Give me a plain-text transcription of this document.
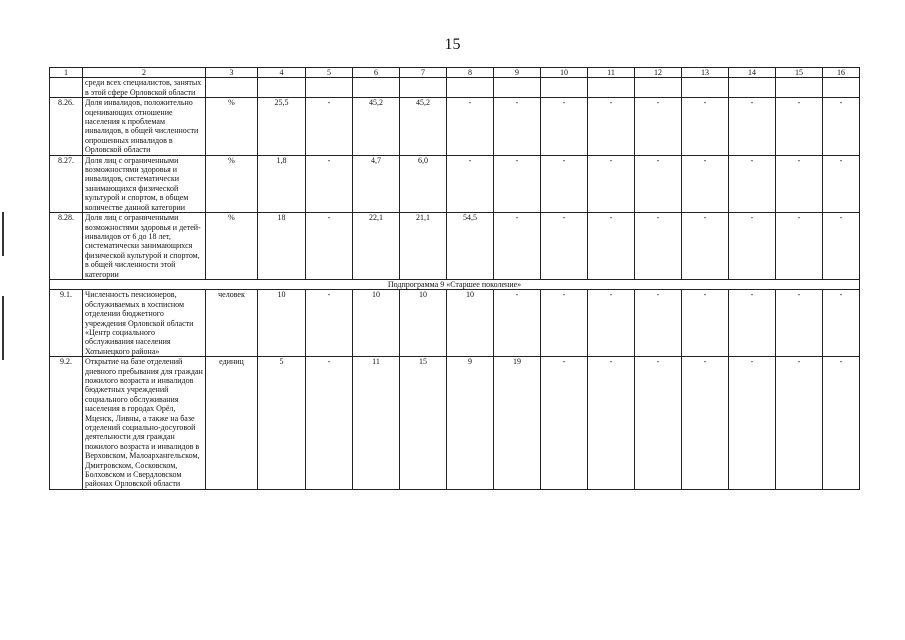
15
1	2	3	4	5	6	7	8	9	10	11	12	13	14	15	16
	среди всех специалистов, занятых в этой сфере Орловской области														
8.26.	Доля инвалидов, положительно оценивающих отношение населения к проблемам инвалидов, в общей численности опрошенных инвалидов в Орловской области	%	25,5	-	45,2	45,2	-	-	-	-	-	-	-	-	-
8.27.	Доля лиц с ограниченными возможностями здоровья и инвалидов, систематически занимающихся физической культурой и спортом, в общем количестве данной категории	%	1,8	-	4,7	6,0	-	-	-	-	-	-	-	-	-
8.28.	Доля лиц с ограниченными возможностями здоровья и детей-инвалидов от 6 до 18 лет, систематически занимающихся физической культурой и спортом, в общей численности этой категории	%	18	-	22,1	21,1	54,5	-	-	-	-	-	-	-	-
Подпрограмма 9 «Старшее поколение»															
9.1.	Численность пенсионеров, обслуживаемых в хосписном отделении бюджетного учреждения Орловской области «Центр социального обслуживания населения Хотынецкого района»	человек	10	-	10	10	10	-	-	-	-	-	-	-	-
9.2.	Открытие на базе отделений дневного пребывания для граждан пожилого возраста и инвалидов бюджетных учреждений социального обслуживания населения в городах Орёл, Мценск, Ливны, а также на базе отделений социально-досуговой деятельности для граждан пожилого возраста и инвалидов в Верховском, Малоархангельском, Дмитровском, Сосковском, Болховском и Свердловском районах Орловской области	единиц	5	-	11	15	9	19	-	-	-	-	-	-	-
